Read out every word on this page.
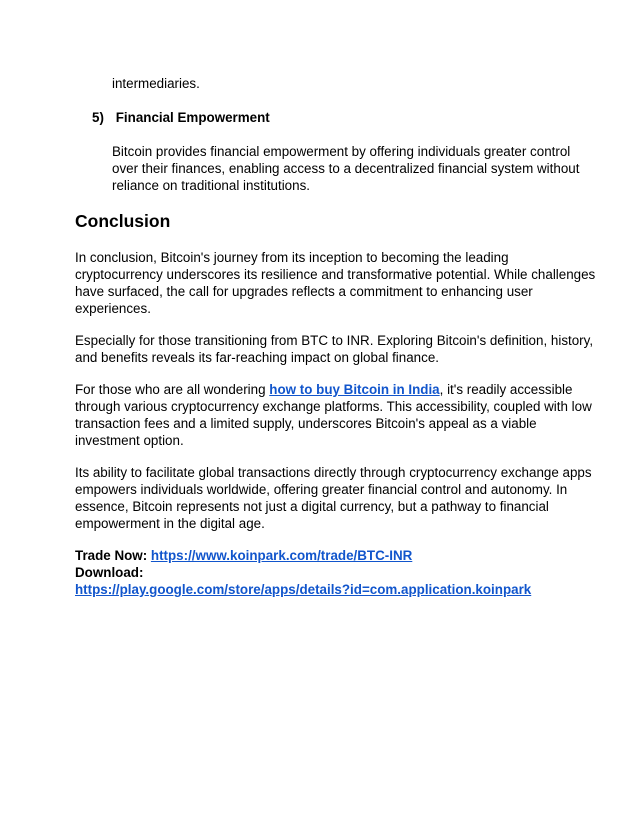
intermediaries.
5) Financial Empowerment
Bitcoin provides financial empowerment by offering individuals greater control
over their finances, enabling access to a decentralized financial system without
reliance on traditional institutions.
Conclusion
In conclusion, Bitcoin's journey from its inception to becoming the leading
cryptocurrency underscores its resilience and transformative potential. While challenges
have surfaced, the call for upgrades reflects a commitment to enhancing user
experiences.
Especially for those transitioning from BTC to INR. Exploring Bitcoin's definition, history,
and benefits reveals its far-reaching impact on global finance.
For those who are all wondering how to buy Bitcoin in India, it's readily accessible
through various cryptocurrency exchange platforms. This accessibility, coupled with low
transaction fees and a limited supply, underscores Bitcoin's appeal as a viable
investment option.
Its ability to facilitate global transactions directly through cryptocurrency exchange apps
empowers individuals worldwide, offering greater financial control and autonomy. In
essence, Bitcoin represents not just a digital currency, but a pathway to financial
empowerment in the digital age.
Trade Now: https://www.koinpark.com/trade/BTC-INR
Download:
https://play.google.com/store/apps/details?id=com.application.koinpark
